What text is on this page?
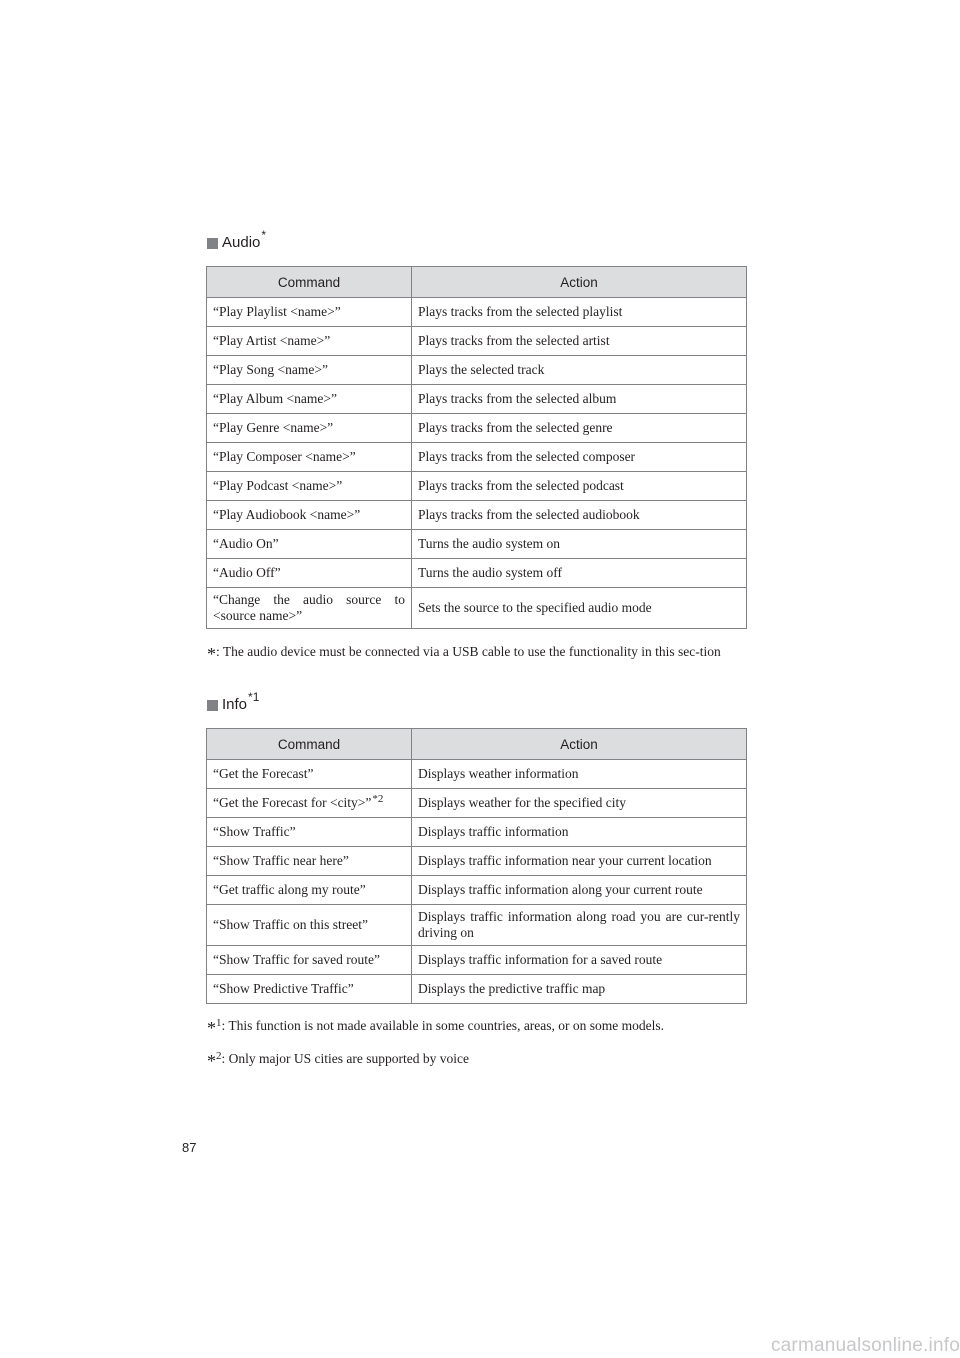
Audio *
Command	Action
“Play Playlist <name>”	Plays tracks from the selected playlist
“Play Artist <name>”	Plays tracks from the selected artist
“Play Song <name>”	Plays the selected track
“Play Album <name>”	Plays tracks from the selected album
“Play Genre <name>”	Plays tracks from the selected genre
“Play Composer <name>”	Plays tracks from the selected composer
“Play Podcast <name>”	Plays tracks from the selected podcast
“Play Audiobook <name>”	Plays tracks from the selected audiobook
“Audio On”	Turns the audio system on
“Audio Off”	Turns the audio system off
“Change the audio source to <source name>”	Sets the source to the specified audio mode
* : The audio device must be connected via a USB cable to use the functionality in this sec-tion
Info *1
Command	Action
“Get the Forecast”	Displays weather information
“Get the Forecast for <city>”$^{*2}$	Displays weather for the specified city
“Show Traffic”	Displays traffic information
“Show Traffic near here”	Displays traffic information near your current location
“Get traffic along my route”	Displays traffic information along your current route
“Show Traffic on this street”	Displays traffic information along road you are cur-rently driving on
“Show Traffic for saved route”	Displays traffic information for a saved route
“Show Predictive Traffic”	Displays the predictive traffic map
*$^1$ : This function is not made available in some countries, areas, or on some models.
*$^2$ : Only major US cities are supported by voice
87
carmanualsonline.info
